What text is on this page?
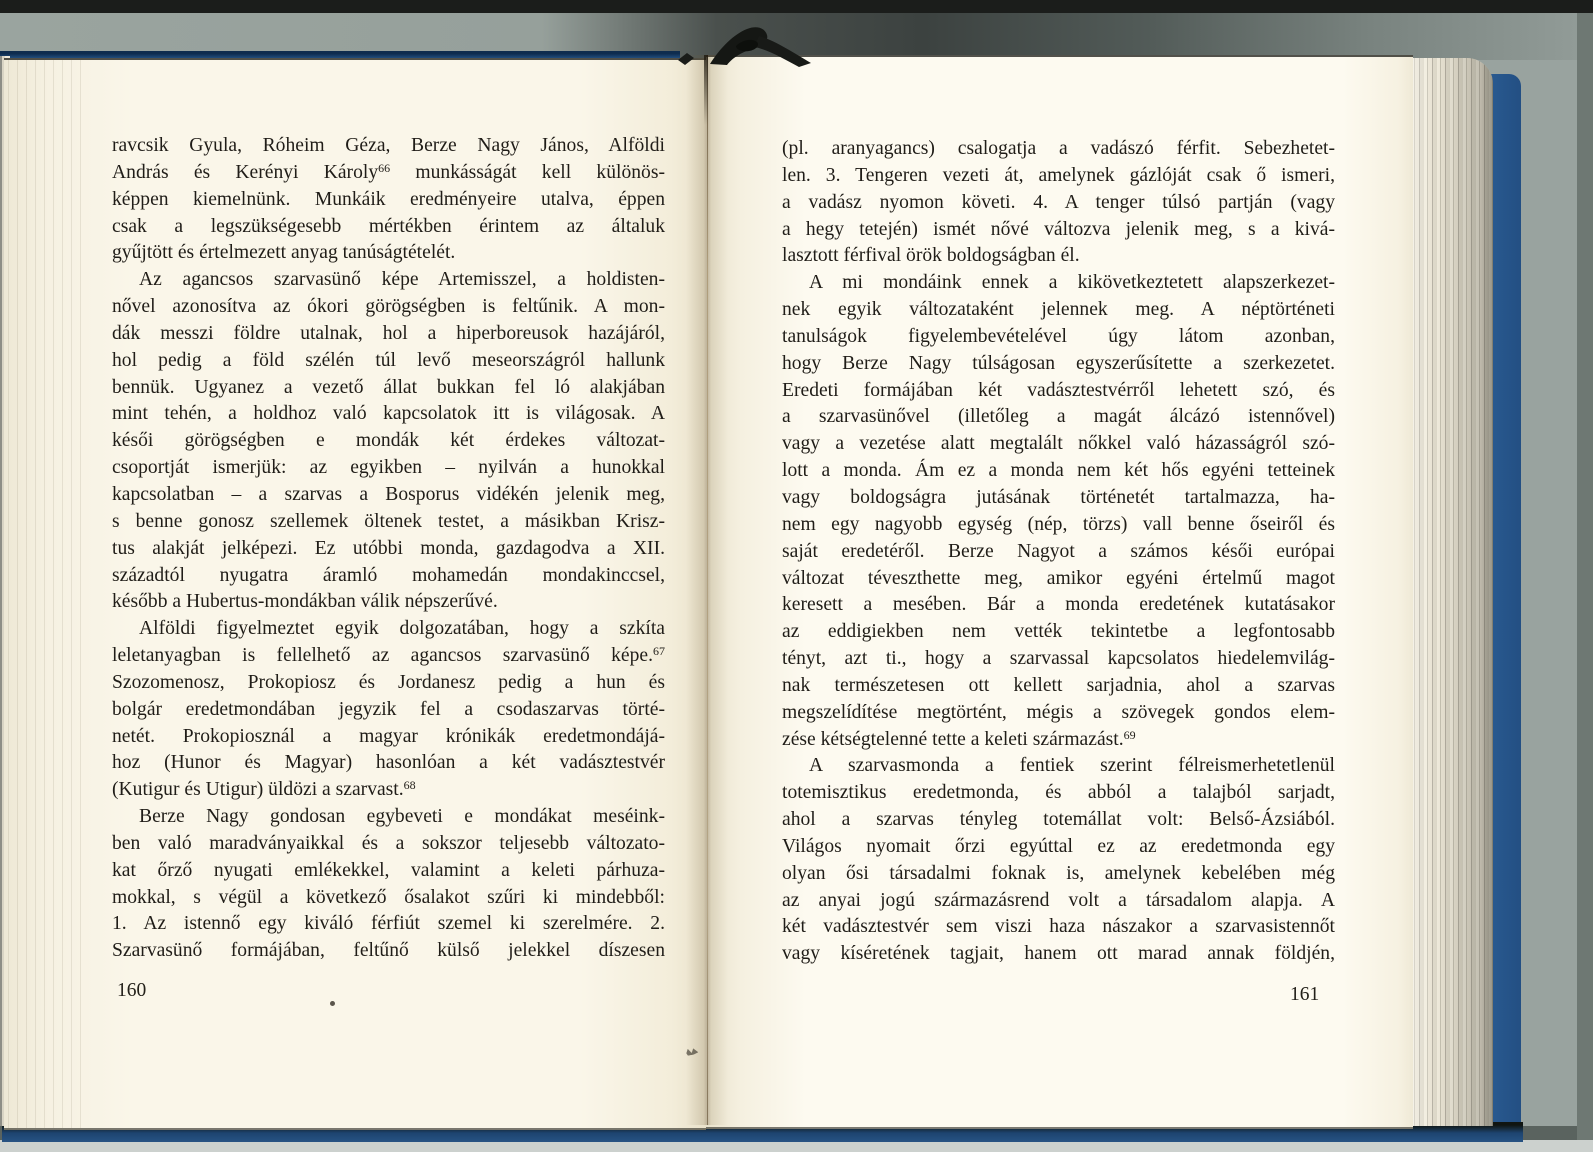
ravcsik Gyula, Róheim Géza, Berze Nagy János, Alföldi
András és Kerényi Károly$^{66}$ munkásságát kell különös-
képpen kiemelnünk. Munkáik eredményeire utalva, éppen
csak a legszükségesebb mértékben érintem az általuk
gyűjtött és értelmezett anyag tanúságtételét.
Az agancsos szarvasünő képe Artemisszel, a holdisten-
nővel azonosítva az ókori görögségben is feltűnik. A mon-
dák messzi földre utalnak, hol a hiperboreusok hazájáról,
hol pedig a föld szélén túl levő meseországról hallunk
bennük. Ugyanez a vezető állat bukkan fel ló alakjában
mint tehén, a holdhoz való kapcsolatok itt is világosak. A
késői görögségben e mondák két érdekes változat-
csoportját ismerjük: az egyikben – nyilván a hunokkal
kapcsolatban – a szarvas a Bosporus vidékén jelenik meg,
s benne gonosz szellemek öltenek testet, a másikban Krisz-
tus alakját jelképezi. Ez utóbbi monda, gazdagodva a XII.
századtól nyugatra áramló mohamedán mondakinccsel,
később a Hubertus-mondákban válik népszerűvé.
Alföldi figyelmeztet egyik dolgozatában, hogy a szkíta
leletanyagban is fellelhető az agancsos szarvasünő képe.$^{67}$
Szozomenosz, Prokopiosz és Jordanesz pedig a hun és
bolgár eredetmondában jegyzik fel a csodaszarvas törté-
netét. Prokopiosznál a magyar krónikák eredetmondájá-
hoz (Hunor és Magyar) hasonlóan a két vadásztestvér
(Kutigur és Utigur) üldözi a szarvast.$^{68}$
Berze Nagy gondosan egybeveti e mondákat meséink-
ben való maradványaikkal és a sokszor teljesebb változato-
kat őrző nyugati emlékekkel, valamint a keleti párhuza-
mokkal, s végül a következő ősalakot szűri ki mindebből:
1. Az istennő egy kiváló férfiút szemel ki szerelmére. 2.
Szarvasünő formájában, feltűnő külső jelekkel díszesen
(pl. aranyagancs) csalogatja a vadászó férfit. Sebezhetet-
len. 3. Tengeren vezeti át, amelynek gázlóját csak ő ismeri,
a vadász nyomon követi. 4. A tenger túlsó partján (vagy
a hegy tetején) ismét nővé változva jelenik meg, s a kivá-
lasztott férfival örök boldogságban él.
A mi mondáink ennek a kikövetkeztetett alapszerkezet-
nek egyik változataként jelennek meg. A néptörténeti
tanulságok figyelembevételével úgy látom azonban,
hogy Berze Nagy túlságosan egyszerűsítette a szerkezetet.
Eredeti formájában két vadásztestvérről lehetett szó, és
a szarvasünővel (illetőleg a magát álcázó istennővel)
vagy a vezetése alatt megtalált nőkkel való házasságról szó-
lott a monda. Ám ez a monda nem két hős egyéni tetteinek
vagy boldogságra jutásának történetét tartalmazza, ha-
nem egy nagyobb egység (nép, törzs) vall benne őseiről és
saját eredetéről. Berze Nagyot a számos késői európai
változat téveszthette meg, amikor egyéni értelmű magot
keresett a mesében. Bár a monda eredetének kutatásakor
az eddigiekben nem vették tekintetbe a legfontosabb
tényt, azt ti., hogy a szarvassal kapcsolatos hiedelemvilág-
nak természetesen ott kellett sarjadnia, ahol a szarvas
megszelídítése megtörtént, mégis a szövegek gondos elem-
zése kétségtelenné tette a keleti származást.$^{69}$
A szarvasmonda a fentiek szerint félreismerhetetlenül
totemisztikus eredetmonda, és abból a talajból sarjadt,
ahol a szarvas tényleg totemállat volt: Belső-Ázsiából.
Világos nyomait őrzi egyúttal ez az eredetmonda egy
olyan ősi társadalmi foknak is, amelynek kebelében még
az anyai jogú származásrend volt a társadalom alapja. A
két vadásztestvér sem viszi haza nászakor a szarvasistennőt
vagy kíséretének tagjait, hanem ott marad annak földjén,
160	161
